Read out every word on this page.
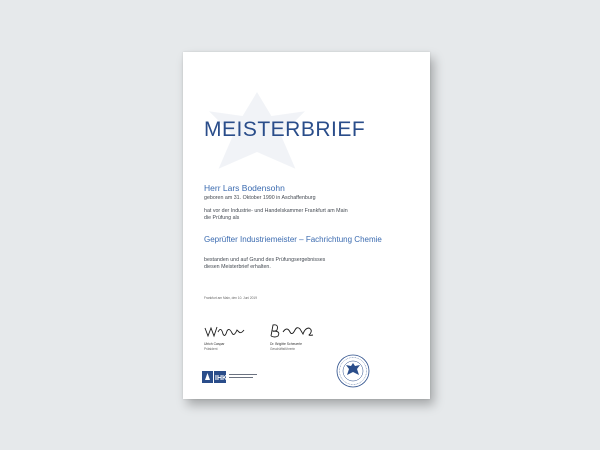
MEISTERBRIEF
Herr Lars Bodensohn
geboren am 31. Oktober 1990 in Aschaffenburg
hat vor der Industrie- und Handelskammer Frankfurt am Main
die Prüfung als
Geprüfter Industriemeister – Fachrichtung Chemie
bestanden und auf Grund des Prüfungsergebnisses
diesen Meisterbrief erhalten.
Frankfurt am Main, den 10. Juni 2019
Ulrich Caspar
Präsident
Dr. Brigitte Scheuerle
Geschäftsführerin
IHK
